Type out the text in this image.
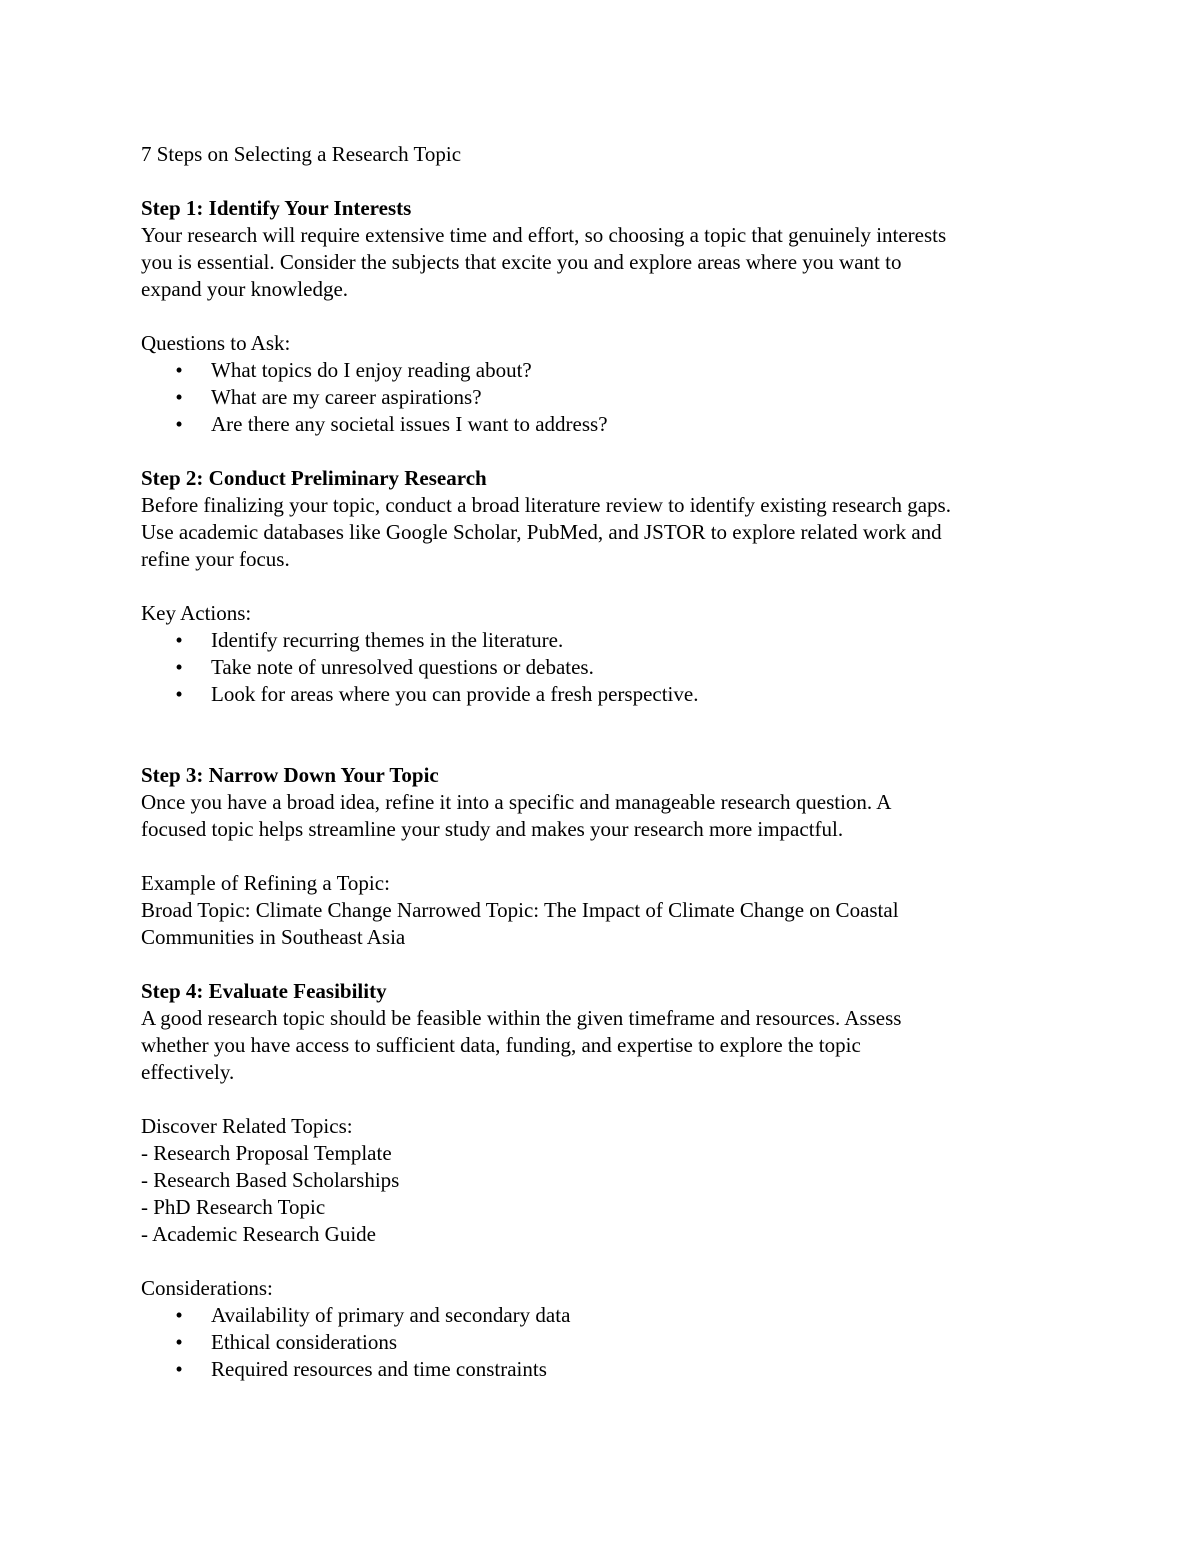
7 Steps on Selecting a Research Topic
Step 1: Identify Your Interests
Your research will require extensive time and effort, so choosing a topic that genuinely interests
you is essential. Consider the subjects that excite you and explore areas where you want to
expand your knowledge.
Questions to Ask:
• What topics do I enjoy reading about?
• What are my career aspirations?
• Are there any societal issues I want to address?
Step 2: Conduct Preliminary Research
Before finalizing your topic, conduct a broad literature review to identify existing research gaps.
Use academic databases like Google Scholar, PubMed, and JSTOR to explore related work and
refine your focus.
Key Actions:
• Identify recurring themes in the literature.
• Take note of unresolved questions or debates.
• Look for areas where you can provide a fresh perspective.
Step 3: Narrow Down Your Topic
Once you have a broad idea, refine it into a specific and manageable research question. A
focused topic helps streamline your study and makes your research more impactful.
Example of Refining a Topic:
Broad Topic: Climate Change Narrowed Topic: The Impact of Climate Change on Coastal
Communities in Southeast Asia
Step 4: Evaluate Feasibility
A good research topic should be feasible within the given timeframe and resources. Assess
whether you have access to sufficient data, funding, and expertise to explore the topic
effectively.
Discover Related Topics:
- Research Proposal Template
- Research Based Scholarships
- PhD Research Topic
- Academic Research Guide
Considerations:
• Availability of primary and secondary data
• Ethical considerations
• Required resources and time constraints
